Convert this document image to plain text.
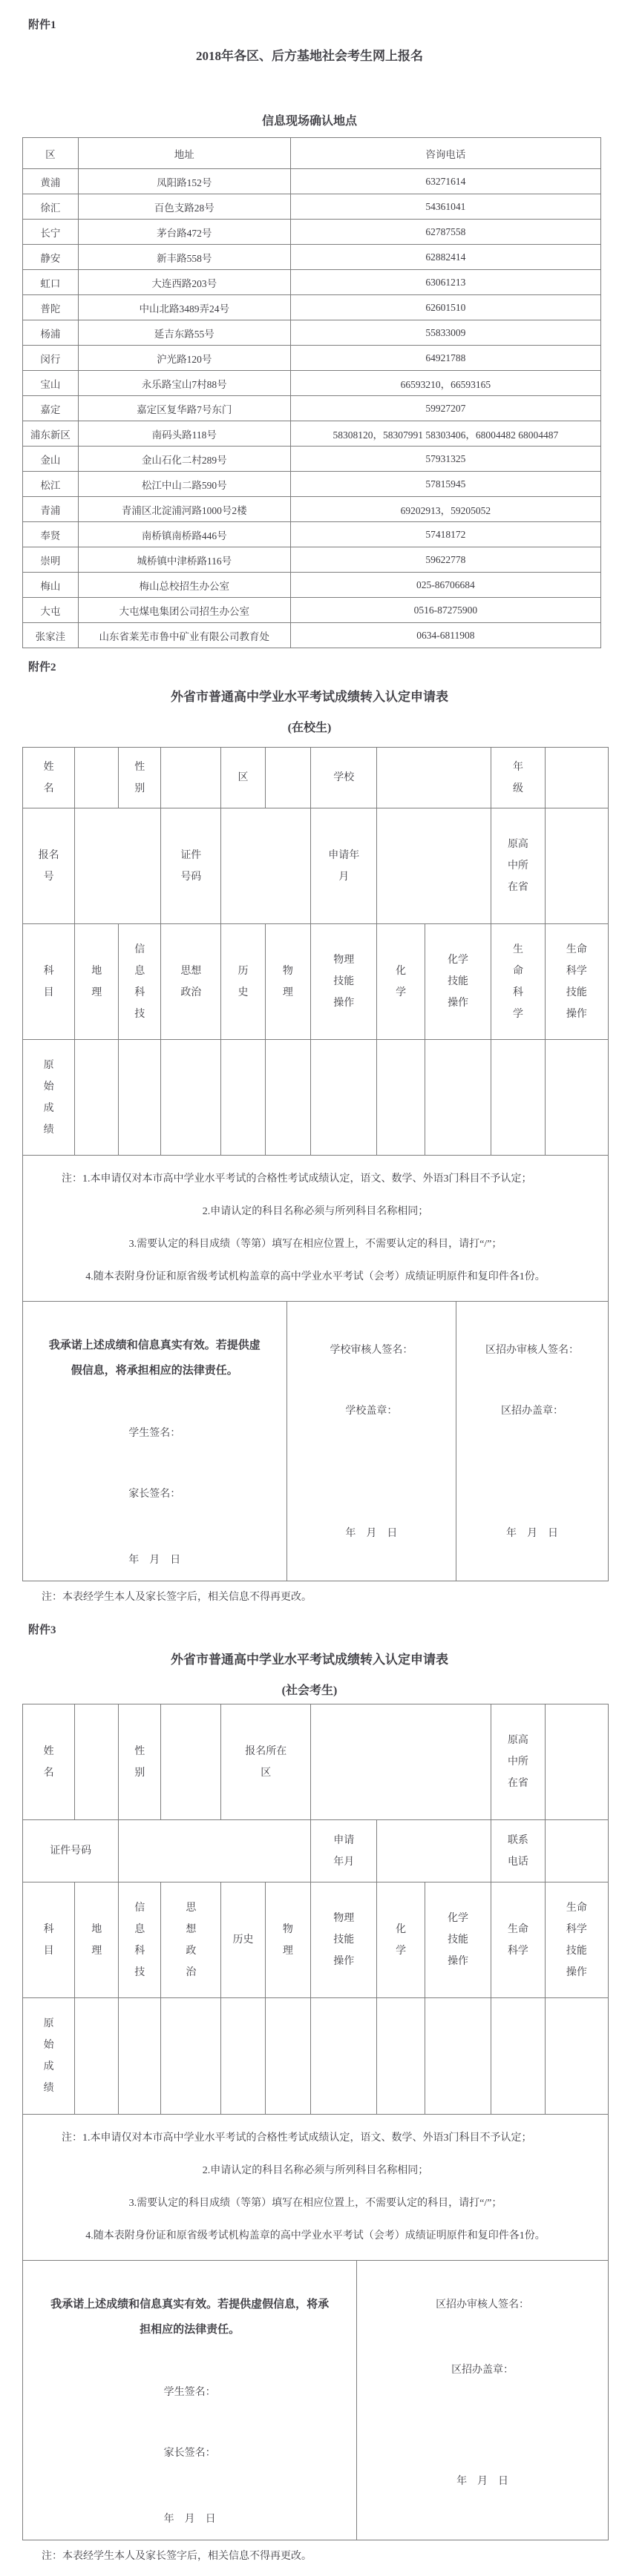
附件1
2018年各区、后方基地社会考生网上报名
信息现场确认地点
区	地址	咨询电话
黄浦	凤阳路152号	63271614
徐汇	百色支路28号	54361041
长宁	茅台路472号	62787558
静安	新丰路558号	62882414
虹口	大连西路203号	63061213
普陀	中山北路3489弄24号	62601510
杨浦	延吉东路55号	55833009
闵行	沪光路120号	64921788
宝山	永乐路宝山7村88号	66593210，66593165
嘉定	嘉定区复华路7号东门	59927207
浦东新区	南码头路118号	58308120，58307991 58303406，68004482 68004487
金山	金山石化二村289号	57931325
松江	松江中山二路590号	57815945
青浦	青浦区北淀浦河路1000号2楼	69202913，59205052
奉贤	南桥镇南桥路446号	57418172
崇明	城桥镇中津桥路116号	59622778
梅山	梅山总校招生办公室	025-86706684
大屯	大屯煤电集团公司招生办公室	0516-87275900
张家洼	山东省莱芜市鲁中矿业有限公司教育处	0634-6811908
附件2
外省市普通高中学业水平考试成绩转入认定申请表
(在校生)
姓名		性别		区		学校			年级	
报名号			证件号码			申请年月			原高中所在省	
科目	地理	信息科技	思想政治	历史	物理	物理技能操作	化学	化学技能操作	生命科学	生命科学技能操作
原始成绩										

注：1.本申请仅对本市高中学业水平考试的合格性考试成绩认定，语文、数学、外语3门科目不予认定；
2.申请认定的科目名称必须与所列科目名称相同；
3.需要认定的科目成绩（等第）填写在相应位置上，不需要认定的科目，请打“/”；
4.随本表附身份证和原省级考试机构盖章的高中学业水平考试（会考）成绩证明原件和复印件各1份。										

我承诺上述成绩和信息真实有效。若提供虚假信息，将承担相应的法律责任。
学生签名：
家长签名：
年　月　日
学校审核人签名：
学校盖章：
年　月　日
区招办审核人签名：
区招办盖章：
年　月　日
注：本表经学生本人及家长签字后，相关信息不得再更改。
附件3
外省市普通高中学业水平考试成绩转入认定申请表
(社会考生)
姓名		性别		报名所在区					原高中所在省	
证件号码						申请年月			联系电话	
科目	地理	信息科技	思想政治	历史	物理	物理技能操作	化学	化学技能操作	生命科学	生命科学技能操作
原始成绩										

注：1.本申请仅对本市高中学业水平考试的合格性考试成绩认定，语文、数学、外语3门科目不予认定；
2.申请认定的科目名称必须与所列科目名称相同；
3.需要认定的科目成绩（等第）填写在相应位置上，不需要认定的科目，请打“/”；
4.随本表附身份证和原省级考试机构盖章的高中学业水平考试（会考）成绩证明原件和复印件各1份。										

我承诺上述成绩和信息真实有效。若提供虚假信息，将承担相应的法律责任。
学生签名：
家长签名：
年　月　日
区招办审核人签名：
区招办盖章：
年　月　日
注：本表经学生本人及家长签字后，相关信息不得再更改。
